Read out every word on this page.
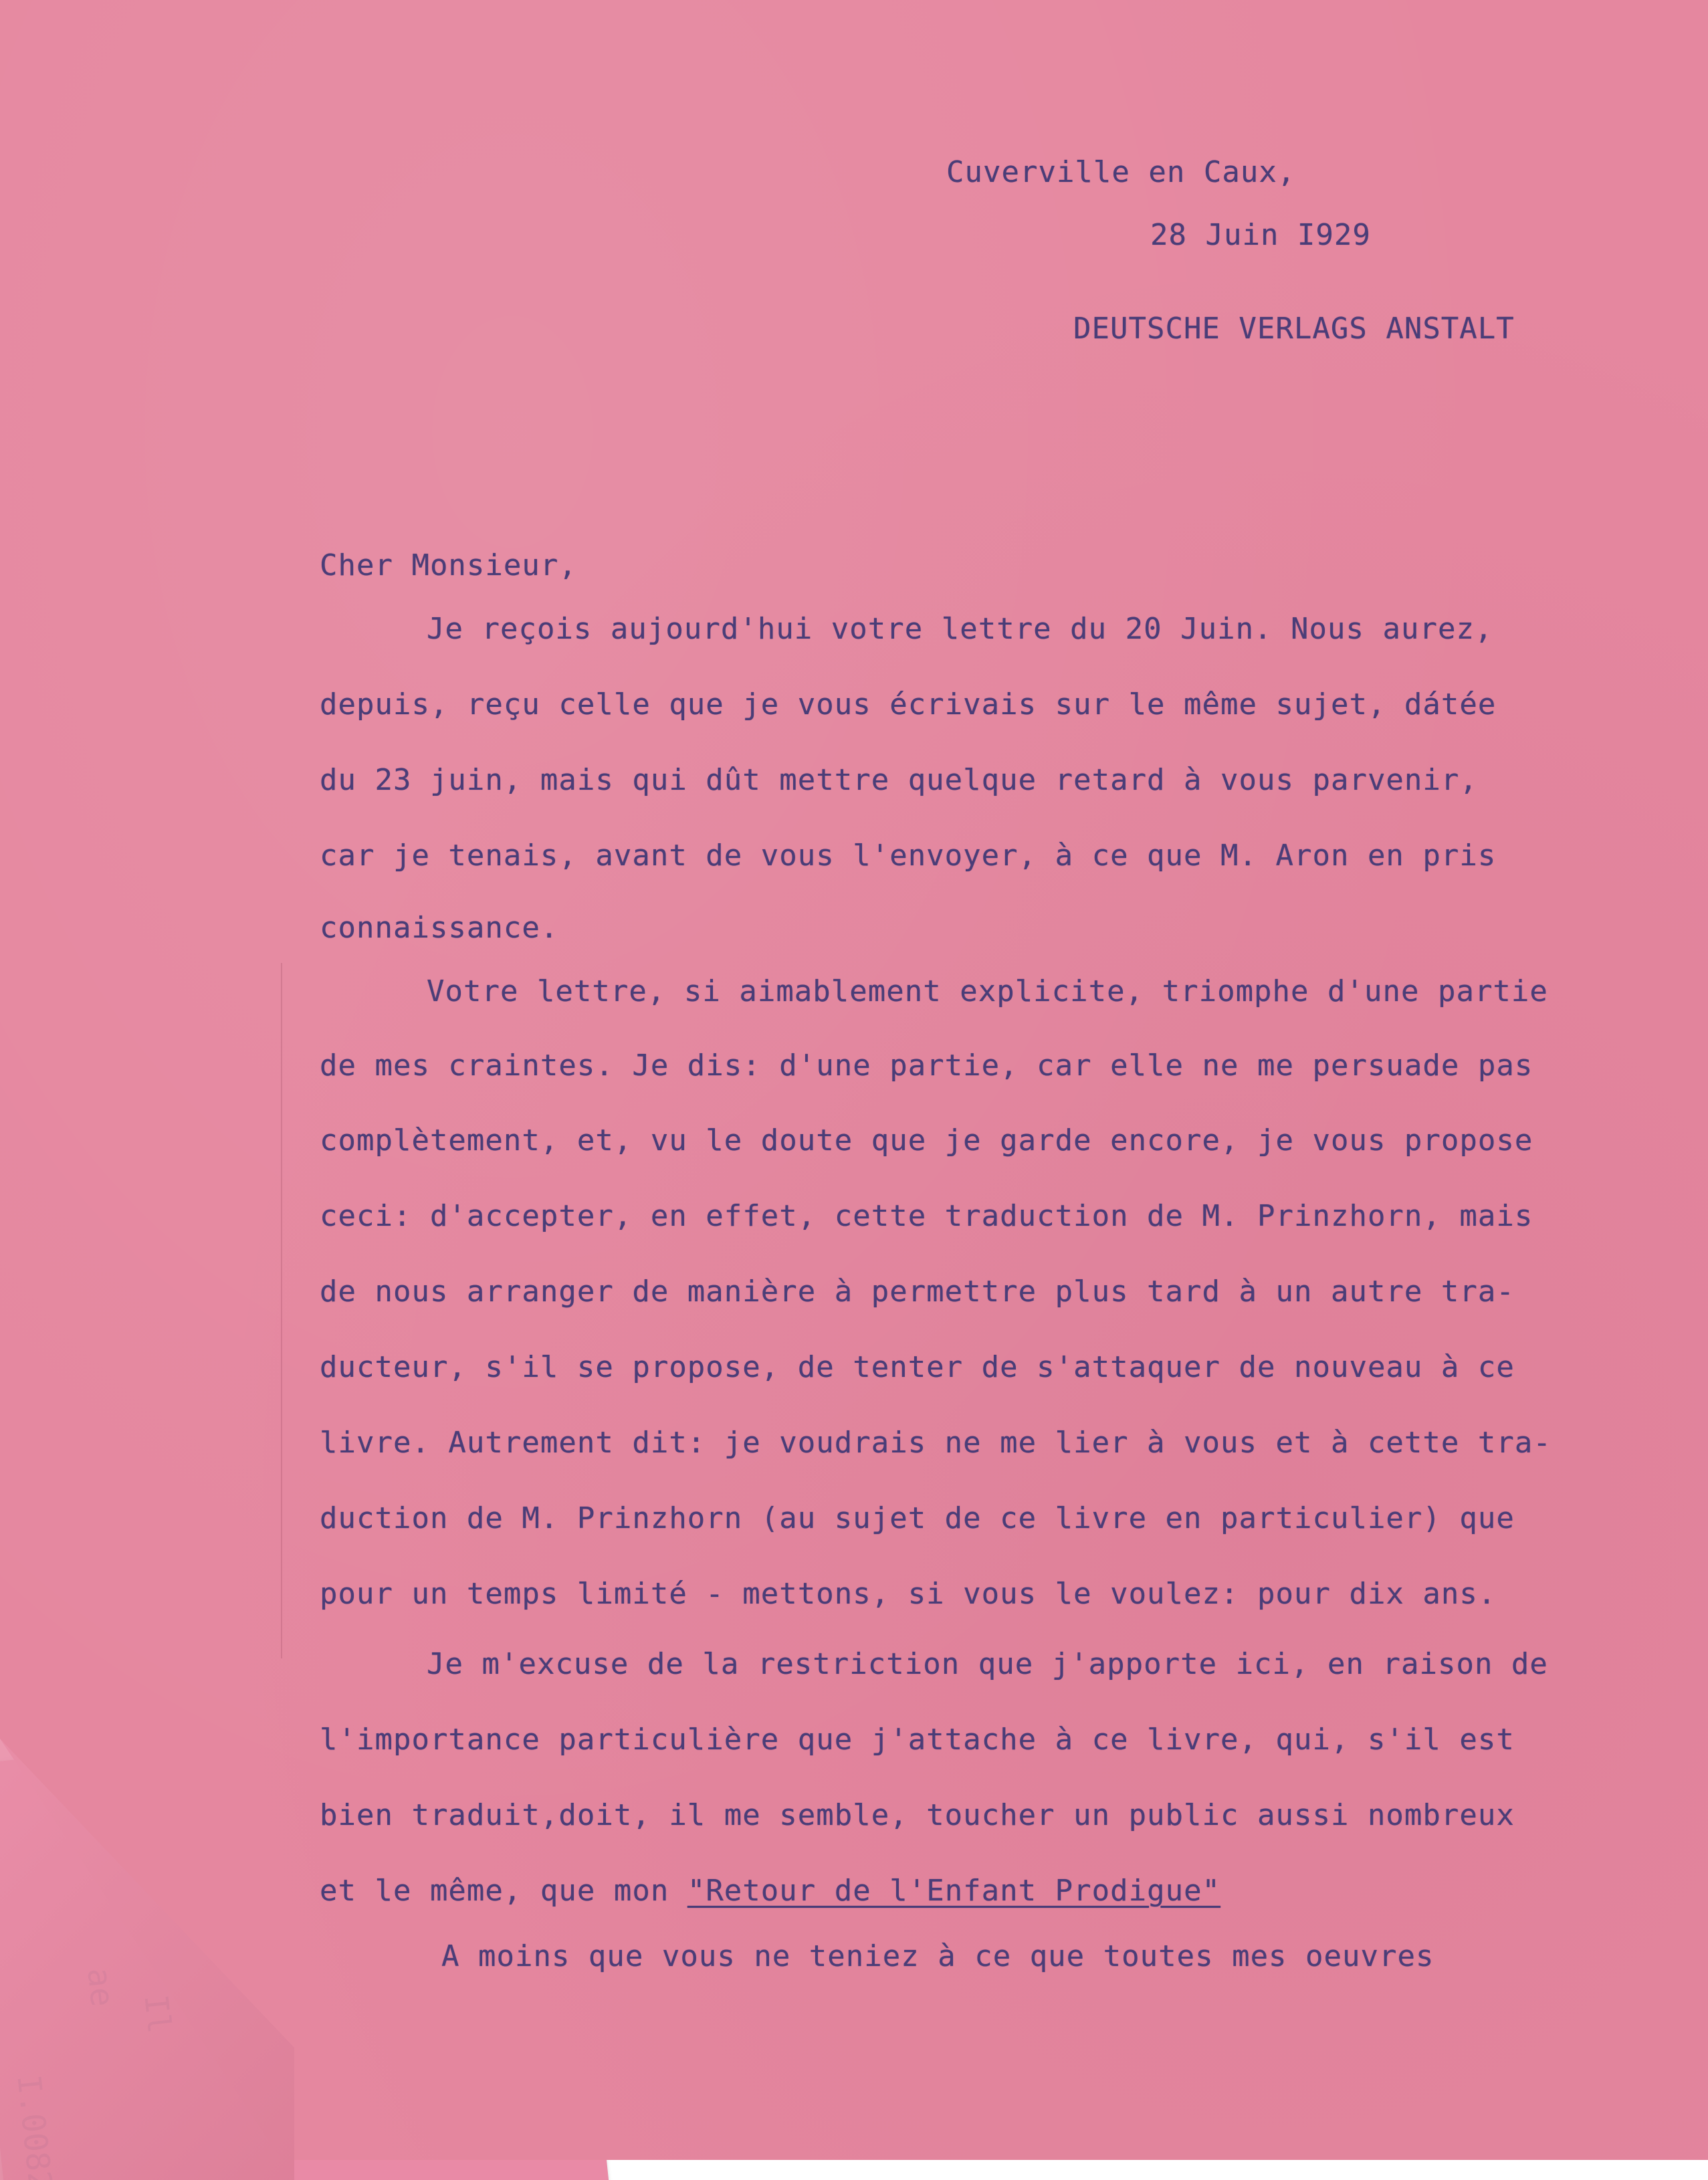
Cuverville en Caux,
28 Juin I929
DEUTSCHE VERLAGS ANSTALT
Cher Monsieur,
Je reçois aujourd'hui votre lettre du 20 Juin. Nous aurez,
depuis, reçu celle que je vous écrivais sur le même sujet, dátée
du 23 juin, mais qui dût mettre quelque retard à vous parvenir,
car je tenais, avant de vous l'envoyer, à ce que M. Aron en pris
connaissance.
Votre lettre, si aimablement explicite, triomphe d'une partie
de mes craintes. Je dis: d'une partie, car elle ne me persuade pas
complètement, et, vu le doute que je garde encore, je vous propose
ceci: d'accepter, en effet, cette traduction de M. Prinzhorn, mais
de nous arranger de manière à permettre plus tard à un autre tra-
ducteur, s'il se propose, de tenter de s'attaquer de nouveau à ce
livre. Autrement dit: je voudrais ne me lier à vous et à cette tra-
duction de M. Prinzhorn (au sujet de ce livre en particulier) que
pour un temps limité - mettons, si vous le voulez: pour dix ans.
Je m'excuse de la restriction que j'apporte ici, en raison de
l'importance particulière que j'attache à ce livre, qui, s'il est
bien traduit,doit, il me semble, toucher un public aussi nombreux
et le même, que mon "Retour de l'Enfant Prodigue"
A moins que vous ne teniez à ce que toutes mes oeuvres
